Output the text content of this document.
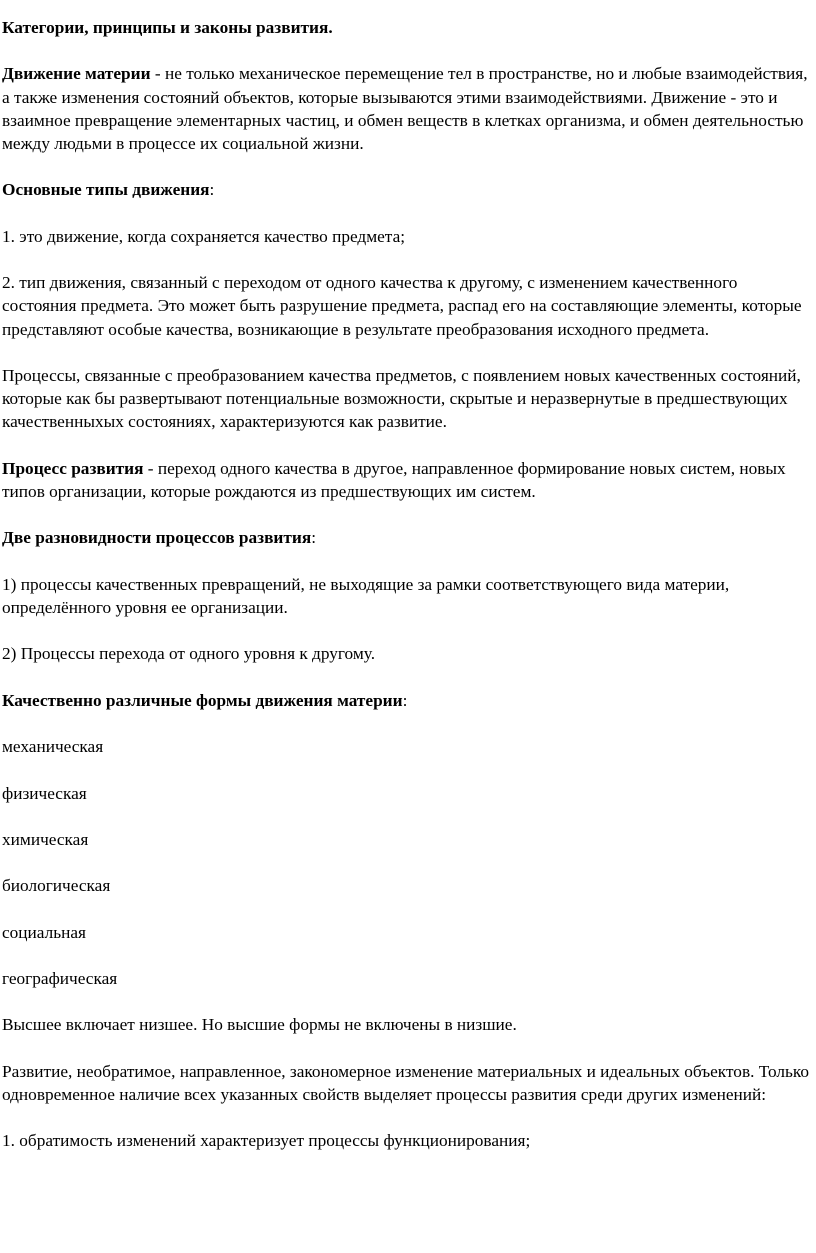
Категории, принципы и законы развития.

Движение материи - не только механическое перемещение тел в пространстве, но и любые взаимодействия, а также изменения состояний объектов, которые вызываются этими взаимодействиями. Движение - это и взаимное превращение элементарных частиц, и обмен веществ в клетках организма, и обмен деятельностью между людьми в процессе их социальной жизни.

Основные типы движения:

1. это движение, когда сохраняется качество предмета;

2. тип движения, связанный с переходом от одного качества к другому, с изменением качественного состояния предмета. Это может быть разрушение предмета, распад его на составляющие элементы, которые представляют особые качества, возникающие в результате преобразования исходного предмета.

Процессы, связанные с преобразованием качества предметов, с появлением новых качественных состояний, которые как бы развертывают потенциальные возможности, скрытые и неразвернутые в предшествующих качественныхых состояниях, характеризуются как развитие.

Процесс развития - переход одного качества в другое, направленное формирование новых систем, новых типов организации, которые рождаются из предшествующих им систем.

Две разновидности процессов развития:

1) процессы качественных превращений, не выходящие за рамки соответствующего вида материи, определённого уровня ее организации.

2) Процессы перехода от одного уровня к другому.

Качественно различные формы движения материи:

механическая

физическая

химическая

биологическая

социальная

географическая

Высшее включает низшее. Но высшие формы не включены в низшие.

Развитие, необратимое, направленное, закономерное изменение материальных и идеальных объектов. Только одновременное наличие всех указанных свойств выделяет процессы развития среди других изменений:

1. обратимость изменений характеризует процессы функционирования;
